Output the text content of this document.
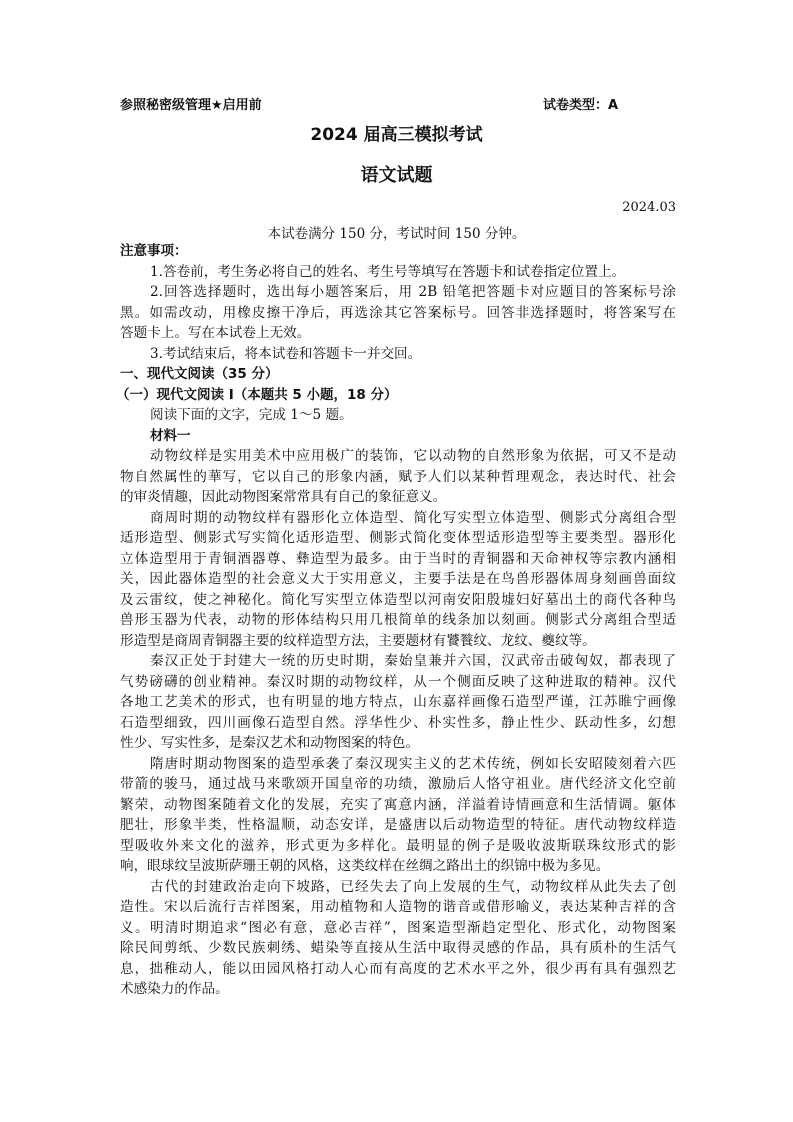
参照秘密级管理★启用前	试卷类型：A
2024 届高三模拟考试
语文试题
2024.03
本试卷满分 150 分，考试时间 150 分钟。
注意事项：
1.答卷前，考生务必将自己的姓名、考生号等填写在答题卡和试卷指定位置上。
2.回答选择题时，选出每小题答案后，用 2B 铅笔把答题卡对应题目的答案标号涂
黑。如需改动，用橡皮擦干净后，再选涂其它答案标号。回答非选择题时，将答案写在
答题卡上。写在本试卷上无效。
3.考试结束后，将本试卷和答题卡一并交回。
一、现代文阅读（35 分）
（一）现代文阅读 I（本题共 5 小题，18 分）
阅读下面的文字，完成 1～5 题。
材料一
动物纹样是实用美术中应用极广的装饰，它以动物的自然形象为依据，可又不是动
物自然属性的華写，它以自己的形象内涵，赋予人们以某种哲理观念，表达时代、社会
的审炎情趣，因此动物图案常常具有自己的象征意义。
商周时期的动物纹样有器形化立体造型、简化写实型立体造型、侧影式分离组合型
适形造型、侧影式写实简化适形造型、侧影式简化变体型适形造型等主要类型。器形化
立体造型用于青铜酒器尊、彝造型为最多。由于当时的青铜器和天命神权等宗教内涵相
关，因此器体造型的社会意义大于实用意义，主要手法是在鸟兽形器体周身刻画兽面纹
及云雷纹，使之神秘化。简化写实型立体造型以河南安阳殷墟妇好墓出土的商代各种鸟
兽形玉器为代表，动物的形体结构只用几根简单的线条加以刻画。侧影式分离组合型适
形造型是商周青铜器主要的纹样造型方法，主要题材有饕餮纹、龙纹、夔纹等。
秦汉正处于封建大一统的历史时期，秦始皇兼并六国，汉武帝击破匈奴，都表现了
气势磅礴的创业精神。秦汉时期的动物纹样，从一个侧面反映了这种进取的精神。汉代
各地工艺美术的形式，也有明显的地方特点，山东嘉祥画像石造型严谨，江苏睢宁画像
石造型细致，四川画像石造型自然。浮华性少、朴实性多，静止性少、跃动性多，幻想
性少、写实性多，是秦汉艺术和动物图案的特色。
隋唐时期动物图案的造型承袭了秦汉现实主义的艺术传统，例如长安昭陵刻着六匹
带箭的骏马，通过战马来歌颂开国皇帝的功绩，激励后人恪守祖业。唐代经济文化空前
繁荣，动物图案随着文化的发展，充实了寓意内涵，洋溢着诗情画意和生活情调。躯体
肥壮，形象半类，性格温顺，动态安详，是盛唐以后动物造型的特征。唐代动物纹样造
型吸收外来文化的滋养，形式更为多样化。最明显的例子是吸收波斯联珠纹形式的影
响，眼球纹呈波斯萨珊王朝的风格，这类纹样在丝绸之路出土的织锦中极为多见。
古代的封建政治走向下坡路，已经失去了向上发展的生气，动物纹样从此失去了创
造性。宋以后流行吉祥图案，用动植物和人造物的谐音或借形喻义，表达某种吉祥的含
义。明清时期追求“图必有意，意必吉祥”，图案造型渐趋定型化、形式化，动物图案
除民间剪纸、少数民族刺绣、蜡染等直接从生活中取得灵感的作品，具有质朴的生活气
息，拙稚动人，能以田园风格打动人心而有高度的艺术水平之外，很少再有具有强烈艺
术感染力的作品。
